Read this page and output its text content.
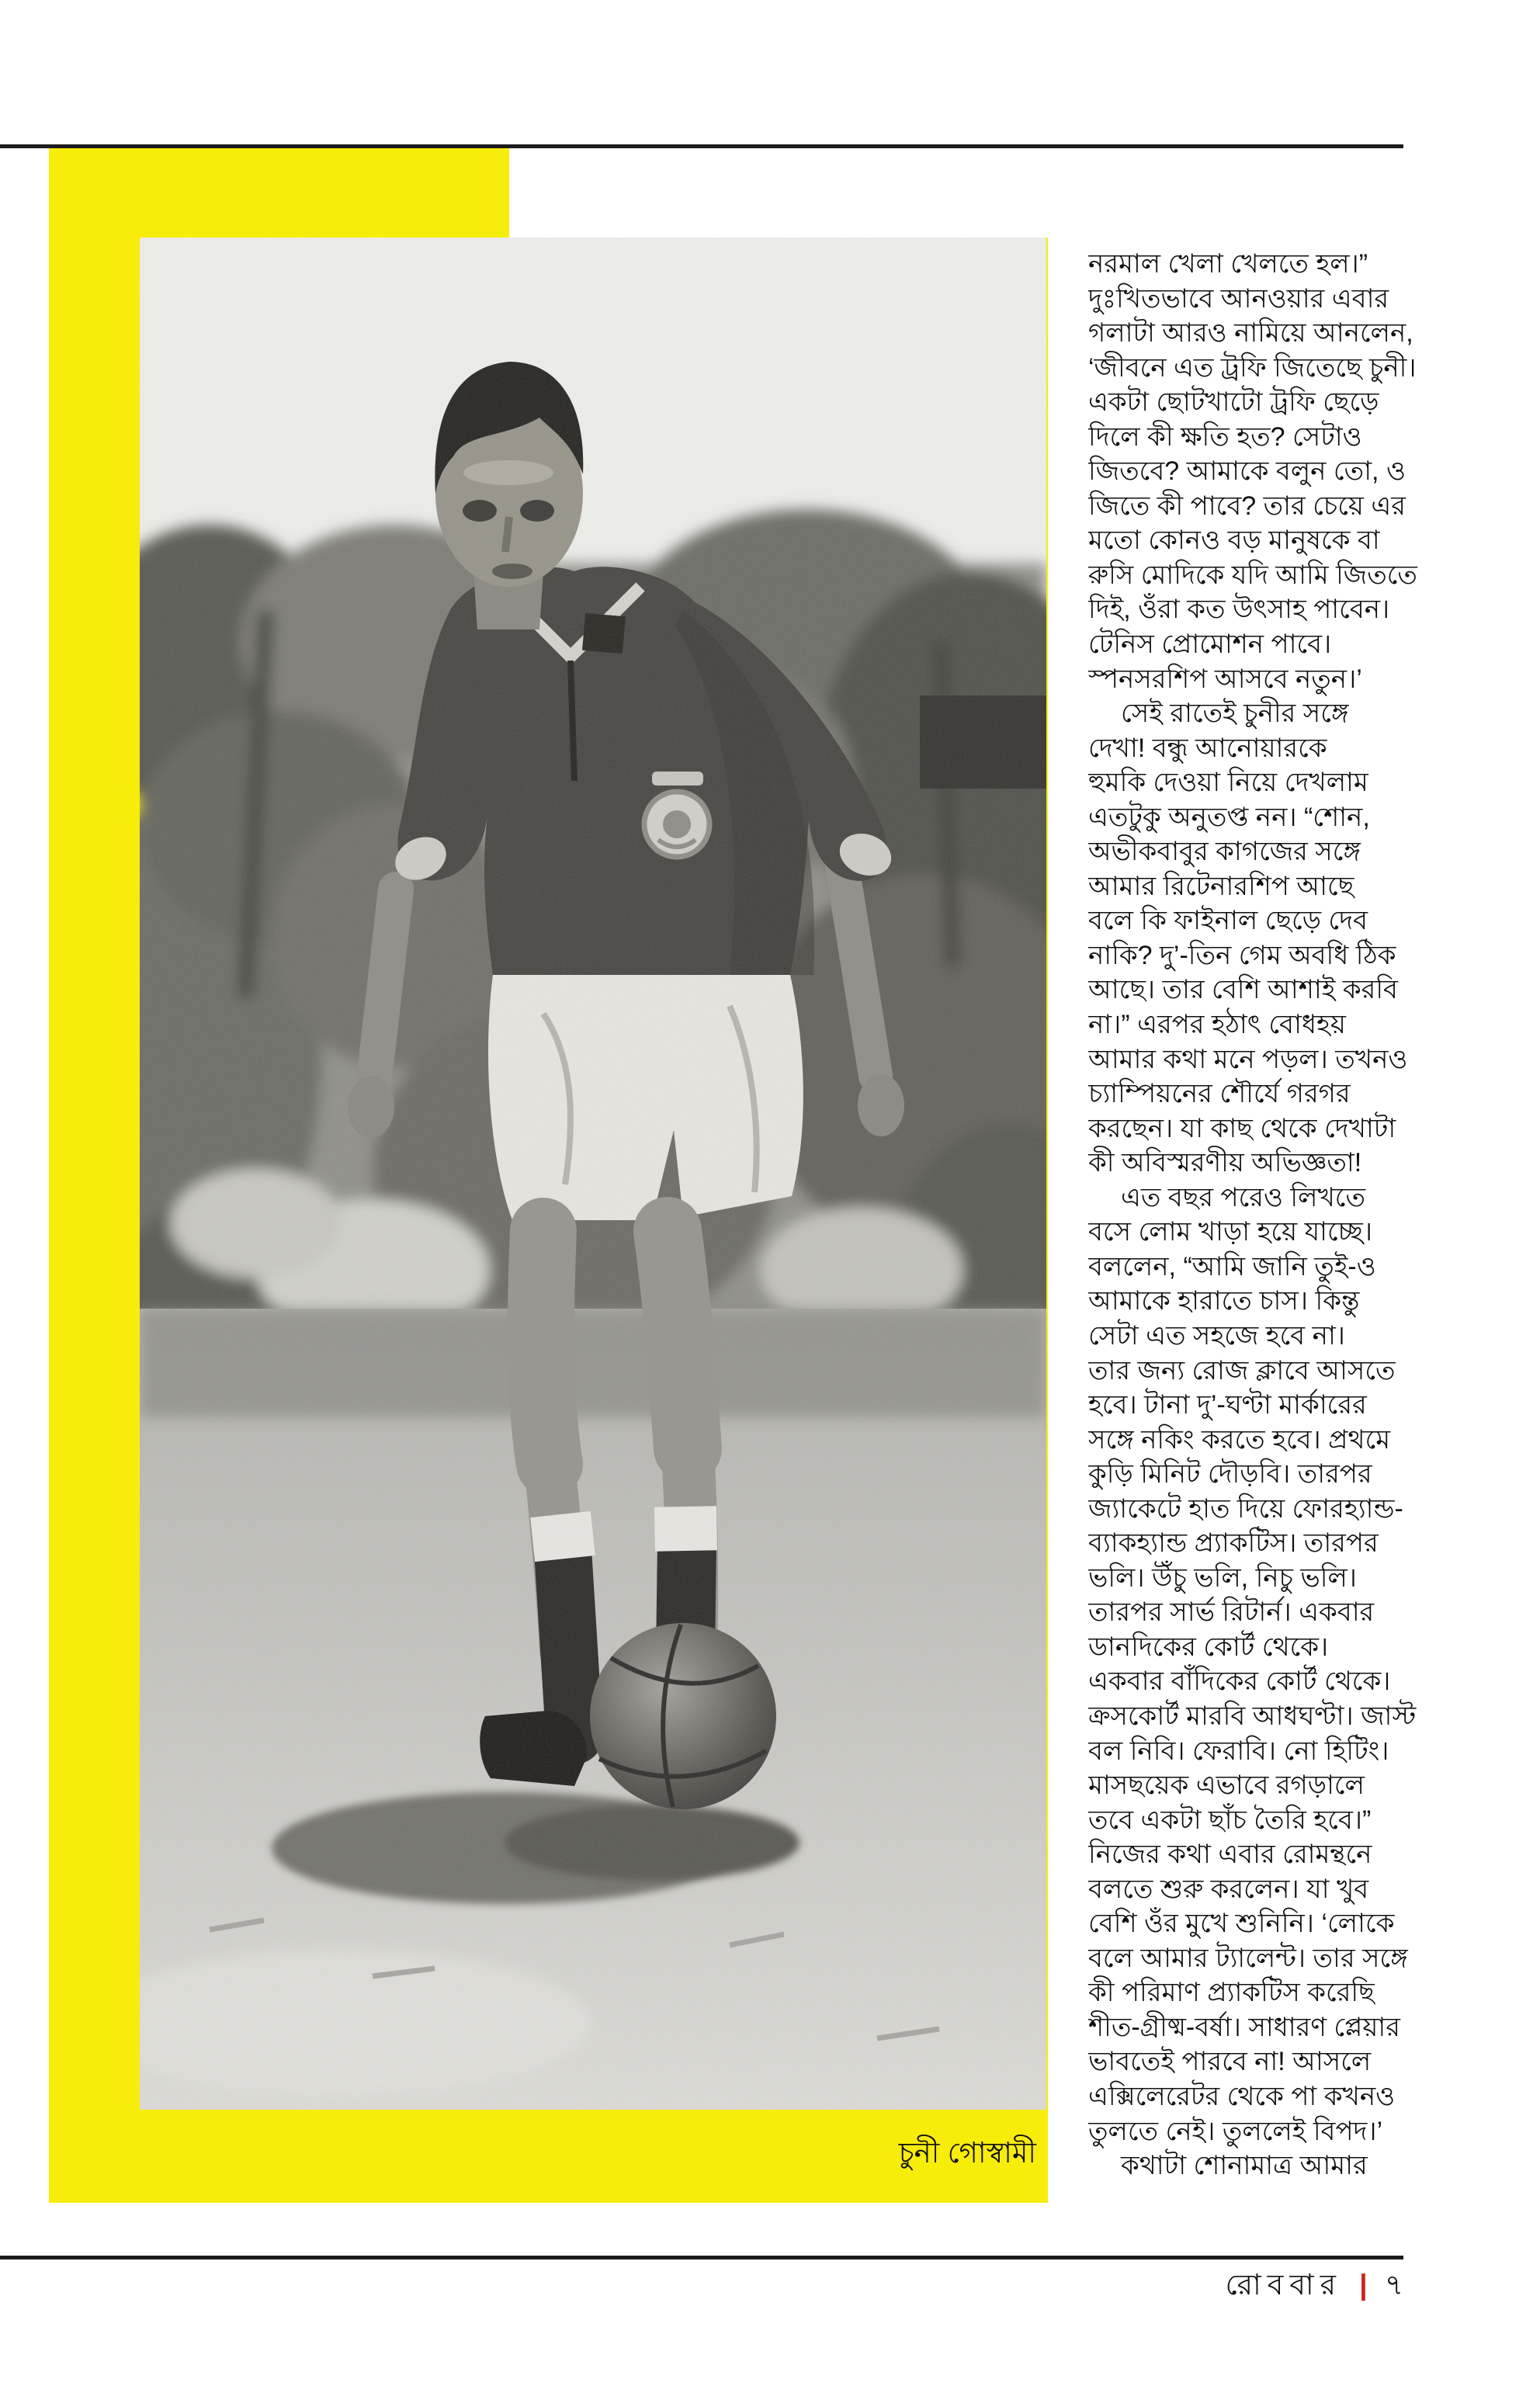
চুনী গোস্বামী
নরমাল খেলা খেলতে হল।”
দুঃখিতভাবে আনওয়ার এবার
গলাটা আরও নামিয়ে আনলেন,
‘জীবনে এত ট্রফি জিতেছে চুনী।
একটা ছোটখাটো ট্রফি ছেড়ে
দিলে কী ক্ষতি হত? সেটাও
জিতবে? আমাকে বলুন তো, ও
জিতে কী পাবে? তার চেয়ে এর
মতো কোনও বড় মানুষকে বা
রুসি মোদিকে যদি আমি জিততে
দিই, ওঁরা কত উৎসাহ পাবেন।
টেনিস প্রোমোশন পাবে।
স্পনসরশিপ আসবে নতুন।’
সেই রাতেই চুনীর সঙ্গে
দেখা! বন্ধু আনোয়ারকে
হুমকি দেওয়া নিয়ে দেখলাম
এতটুকু অনুতপ্ত নন। “শোন,
অভীকবাবুর কাগজের সঙ্গে
আমার রিটেনারশিপ আছে
বলে কি ফাইনাল ছেড়ে দেব
নাকি? দু’-তিন গেম অবধি ঠিক
আছে। তার বেশি আশাই করবি
না।” এরপর হঠাৎ বোধহয়
আমার কথা মনে পড়ল। তখনও
চ্যাম্পিয়নের শৌর্যে গরগর
করছেন। যা কাছ থেকে দেখাটা
কী অবিস্মরণীয় অভিজ্ঞতা!
এত বছর পরেও লিখতে
বসে লোম খাড়া হয়ে যাচ্ছে।
বললেন, “আমি জানি তুই-ও
আমাকে হারাতে চাস। কিন্তু
সেটা এত সহজে হবে না।
তার জন্য রোজ ক্লাবে আসতে
হবে। টানা দু’-ঘণ্টা মার্কারের
সঙ্গে নকিং করতে হবে। প্রথমে
কুড়ি মিনিট দৌড়বি। তারপর
জ্যাকেটে হাত দিয়ে ফোরহ্যান্ড-
ব্যাকহ্যান্ড প্র্যাকটিস। তারপর
ভলি। উঁচু ভলি, নিচু ভলি।
তারপর সার্ভ রিটার্ন। একবার
ডানদিকের কোর্ট থেকে।
একবার বাঁদিকের কোর্ট থেকে।
ক্রসকোর্ট মারবি আধঘণ্টা। জাস্ট
বল নিবি। ফেরাবি। নো হিটিং।
মাসছয়েক এভাবে রগড়ালে
তবে একটা ছাঁচ তৈরি হবে।”
নিজের কথা এবার রোমন্থনে
বলতে শুরু করলেন। যা খুব
বেশি ওঁর মুখে শুনিনি। ‘লোকে
বলে আমার ট্যালেন্ট। তার সঙ্গে
কী পরিমাণ প্র্যাকটিস করেছি
শীত-গ্রীষ্ম-বর্ষা। সাধারণ প্লেয়ার
ভাবতেই পারবে না! আসলে
এক্সিলেরেটর থেকে পা কখনও
তুলতে নেই। তুললেই বিপদ।’
কথাটা শোনামাত্র আমার
রোববার | ৭
